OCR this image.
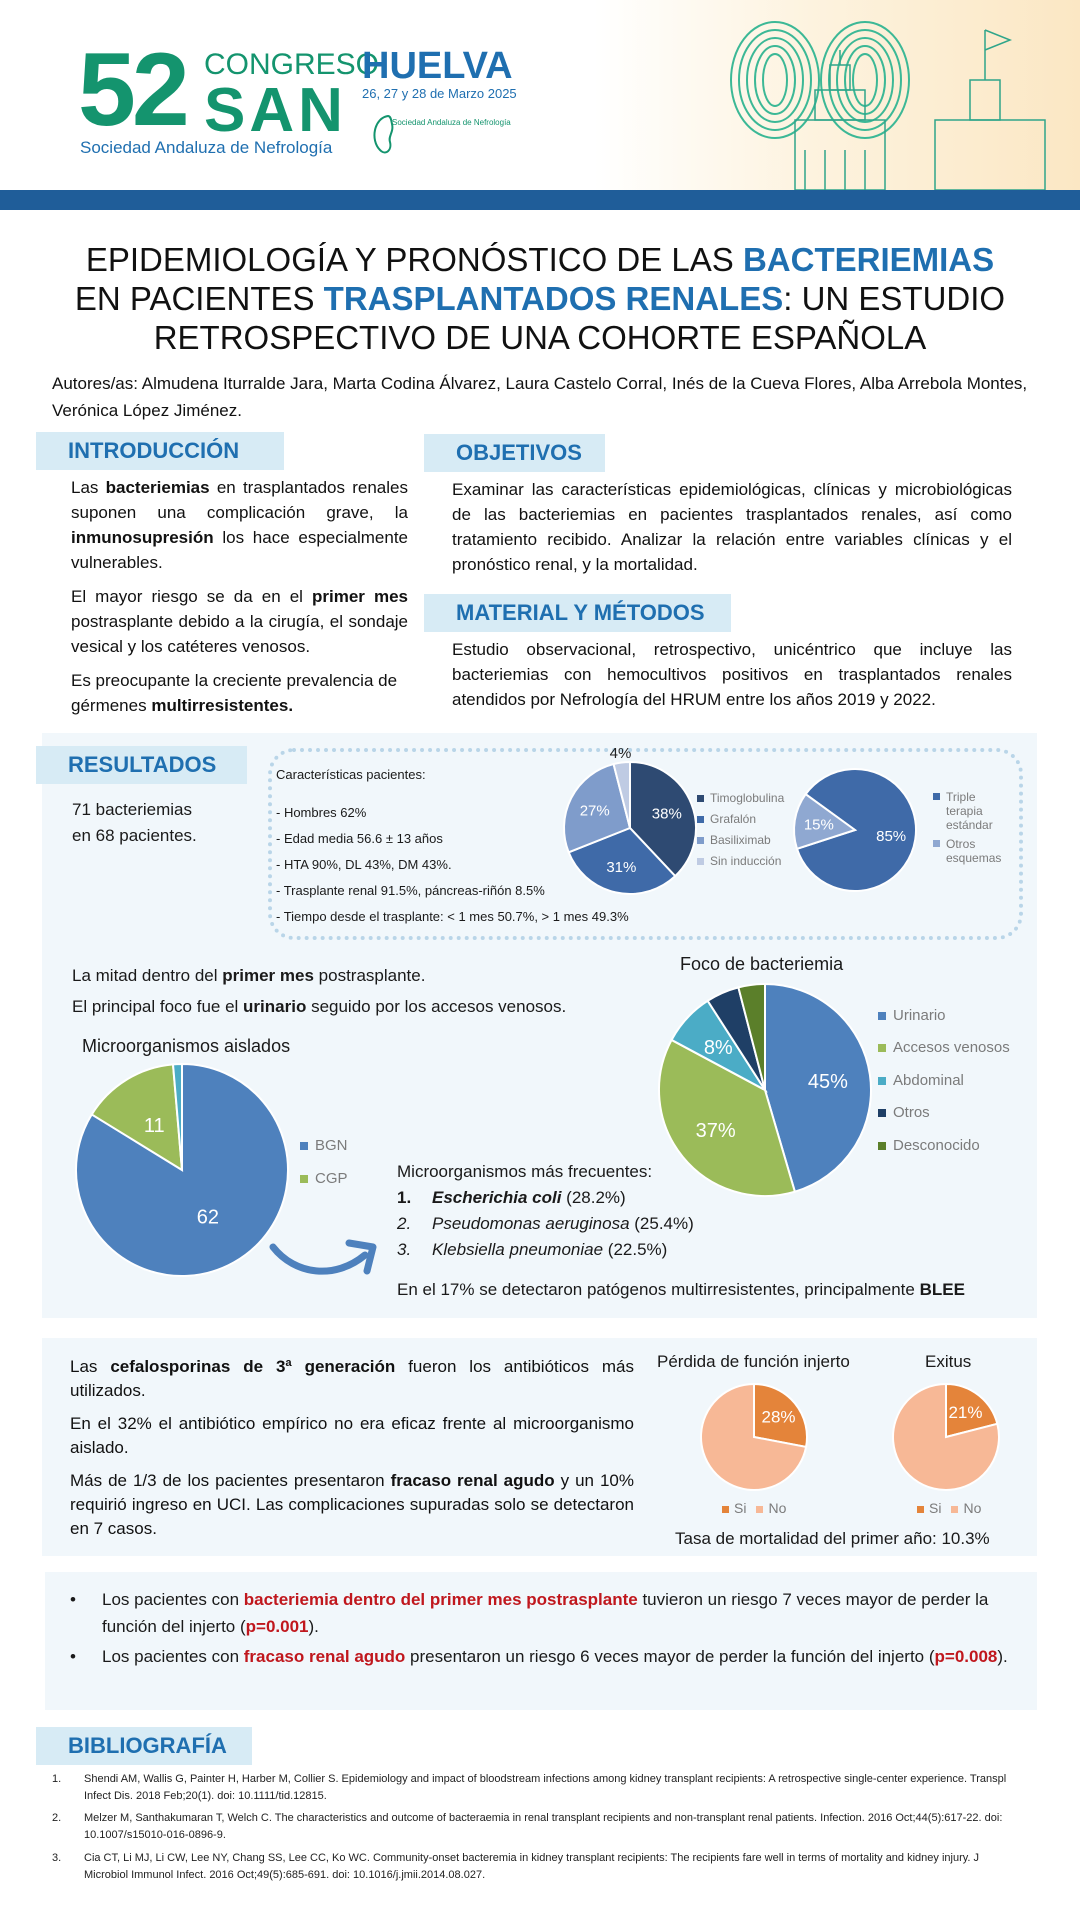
52 CONGRESO
SAN
Sociedad Andaluza de Nefrología
HUELVA
26, 27 y 28 de Marzo 2025
Sociedad Andaluza de Nefrología
EPIDEMIOLOGÍA Y PRONÓSTICO DE LAS BACTERIEMIAS
EN PACIENTES TRASPLANTADOS RENALES: UN ESTUDIO
RETROSPECTIVO DE UNA COHORTE ESPAÑOLA
Autores/as: Almudena Iturralde Jara, Marta Codina Álvarez, Laura Castelo Corral, Inés de la Cueva Flores, Alba Arrebola Montes, Verónica López Jiménez.
INTRODUCCIÓN

Las bacteriemias en trasplantados renales suponen una complicación grave, la inmunosupresión los hace especialmente vulnerables.

El mayor riesgo se da en el primer mes postrasplante debido a la cirugía, el sondaje vesical y los catéteres venosos.

Es preocupante la creciente prevalencia de gérmenes multirresistentes.

OBJETIVOS
Examinar las características epidemiológicas, clínicas y microbiológicas de las bacteriemias en pacientes trasplantados renales, así como tratamiento recibido. Analizar la relación entre variables clínicas y el pronóstico renal, y la mortalidad.
MATERIAL Y MÉTODOS
Estudio observacional, retrospectivo, unicéntrico que incluye las bacteriemias con hemocultivos positivos en trasplantados renales atendidos por Nefrología del HRUM entre los años 2019 y 2022.
RESULTADOS
71 bacteriemias
en 68 pacientes.
Características pacientes:
- Hombres 62%
- Edad media 56.6 ± 13 años
- HTA 90%, DL 43%, DM 43%.
- Trasplante renal 91.5%, páncreas-riñón 8.5%
- Tiempo desde el trasplante: < 1 mes 50.7%, > 1 mes 49.3%
38%
31%
27%
4%
Timoglobulina
Grafalón
Basiliximab
Sin inducción
85%
15%
Triple terapia estándar
Otros esquemas
La mitad dentro del primer mes postrasplante.
El principal foco fue el urinario seguido por los accesos venosos.
Foco de bacteriemia
45%
37%
8%
Urinario
Accesos venosos
Abdominal
Otros
Desconocido
Microorganismos aislados
62
11
BGN
CGP	Microorganismos más frecuentes:
1. Escherichia coli (28.2%)
2. Pseudomonas aeruginosa (25.4%)
3. Klebsiella pneumoniae (22.5%)
En el 17% se detectaron patógenos multirresistentes, principalmente BLEE

Las cefalosporinas de 3ª generación fueron los antibióticos más utilizados.

En el 32% el antibiótico empírico no era eficaz frente al microorganismo aislado.

Más de 1/3 de los pacientes presentaron fracaso renal agudo y un 10% requirió ingreso en UCI. Las complicaciones supuradas solo se detectaron en 7 casos.

Pérdida de función injerto
28%
Si No
Exitus
21%
Si No
Tasa de mortalidad del primer año: 10.3%
• Los pacientes con bacteriemia dentro del primer mes postrasplante tuvieron un riesgo 7 veces mayor de perder la función del injerto (p=0.001).
• Los pacientes con fracaso renal agudo presentaron un riesgo 6 veces mayor de perder la función del injerto (p=0.008).
BIBLIOGRAFÍA
1. Shendi AM, Wallis G, Painter H, Harber M, Collier S. Epidemiology and impact of bloodstream infections among kidney transplant recipients: A retrospective single-center experience. Transpl Infect Dis. 2018 Feb;20(1). doi: 10.1111/tid.12815.
2. Melzer M, Santhakumaran T, Welch C. The characteristics and outcome of bacteraemia in renal transplant recipients and non-transplant renal patients. Infection. 2016 Oct;44(5):617-22. doi: 10.1007/s15010-016-0896-9.
3. Cia CT, Li MJ, Li CW, Lee NY, Chang SS, Lee CC, Ko WC. Community-onset bacteremia in kidney transplant recipients: The recipients fare well in terms of mortality and kidney injury. J Microbiol Immunol Infect. 2016 Oct;49(5):685-691. doi: 10.1016/j.jmii.2014.08.027.
